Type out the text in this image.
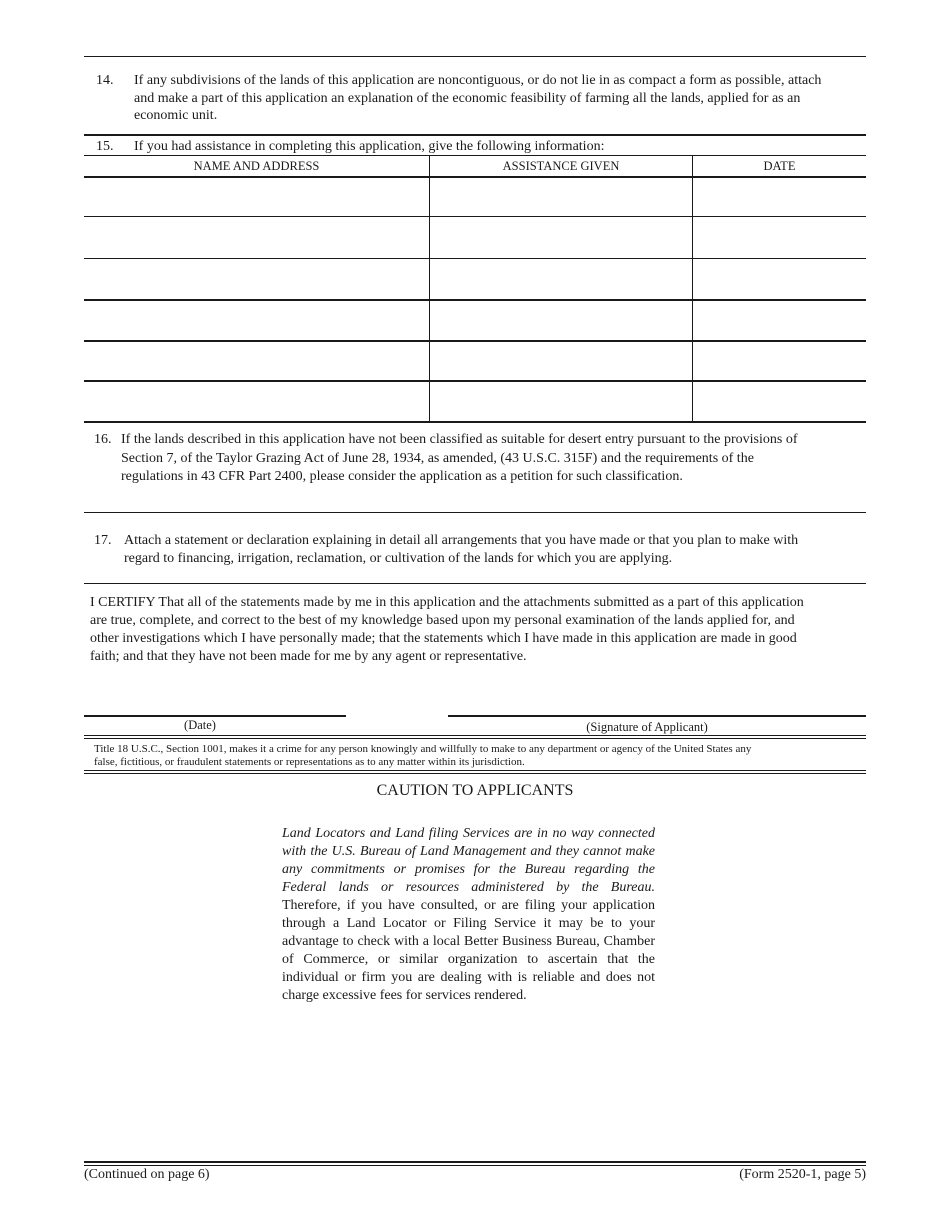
14. If any subdivisions of the lands of this application are noncontiguous, or do not lie in as compact a form as possible, attach and make a part of this application an explanation of the economic feasibility of farming all the lands, applied for as an economic unit.
15. If you had assistance in completing this application, give the following information:
NAME AND ADDRESS	ASSISTANCE GIVEN	DATE
16. If the lands described in this application have not been classified as suitable for desert entry pursuant to the provisions of Section 7, of the Taylor Grazing Act of June 28, 1934, as amended, (43 U.S.C. 315F) and the requirements of the regulations in 43 CFR Part 2400, please consider the application as a petition for such classification.
17. Attach a statement or declaration explaining in detail all arrangements that you have made or that you plan to make with regard to financing, irrigation, reclamation, or cultivation of the lands for which you are applying.
I CERTIFY That all of the statements made by me in this application and the attachments submitted as a part of this application are true, complete, and correct to the best of my knowledge based upon my personal examination of the lands applied for, and other investigations which I have personally made; that the statements which I have made in this application are made in good faith; and that they have not been made for me by any agent or representative.
(Date)	(Signature of Applicant)
Title 18 U.S.C., Section 1001, makes it a crime for any person knowingly and willfully to make to any department or agency of the United States any false, fictitious, or fraudulent statements or representations as to any matter within its jurisdiction.
CAUTION TO APPLICANTS
Land Locators and Land filing Services are in no way connected with the U.S. Bureau of Land Management and they cannot make any commitments or promises for the Bureau regarding the Federal lands or resources administered by the Bureau. Therefore, if you have consulted, or are filing your application through a Land Locator or Filing Service it may be to your advantage to check with a local Better Business Bureau, Chamber of Commerce, or similar organization to ascertain that the individual or firm you are dealing with is reliable and does not charge excessive fees for services rendered.
(Continued on page 6)	(Form 2520-1, page 5)
